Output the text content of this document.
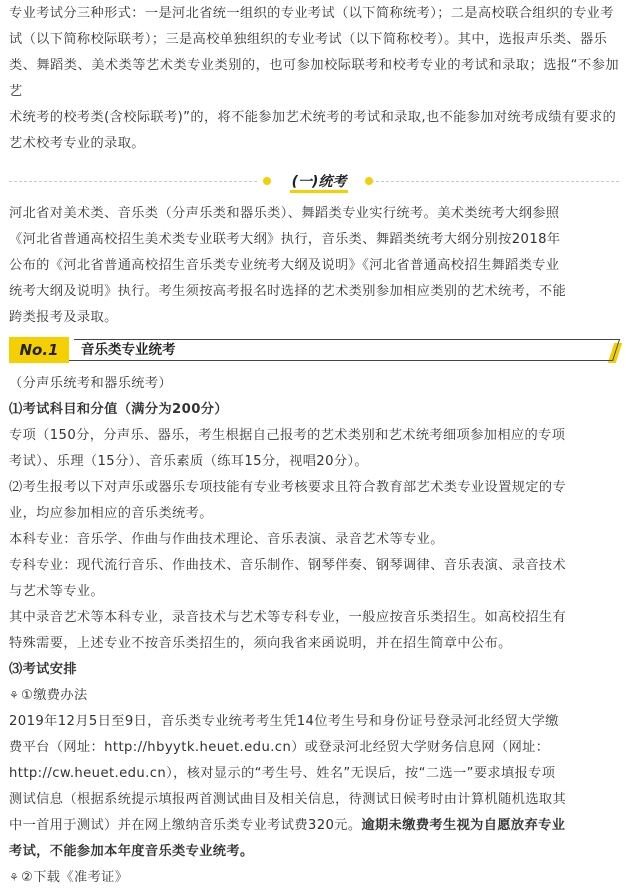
专业考试分三种形式：一是河北省统一组织的专业考试（以下简称统考）；二是高校联合组织的专业考
试（以下简称校际联考）；三是高校单独组织的专业考试（以下简称校考）。其中，选报声乐类、器乐
类、舞蹈类、美术类等艺术类专业类别的，也可参加校际联考和校考专业的考试和录取；选报“不参加艺
术统考的校考类(含校际联考)”的，将不能参加艺术统考的考试和录取,也不能参加对统考成绩有要求的
艺术校考专业的录取。

(一)统考

河北省对美术类、音乐类（分声乐类和器乐类）、舞蹈类专业实行统考。美术类统考大纲参照
《河北省普通高校招生美术类专业联考大纲》执行，音乐类、舞蹈类统考大纲分别按2018年
公布的《河北省普通高校招生音乐类专业统考大纲及说明》《河北省普通高校招生舞蹈类专业
统考大纲及说明》执行。考生须按高考报名时选择的艺术类别参加相应类别的艺术统考，不能
跨类报考及录取。

No.1	音乐类专业统考

（分声乐统考和器乐统考）

⑴考试科目和分值（满分为200分）

专项（150分，分声乐、器乐，考生根据自己报考的艺术类别和艺术统考细项参加相应的专项
考试）、乐理（15分）、音乐素质（练耳15分，视唱20分）。

⑵考生报考以下对声乐或器乐专项技能有专业考核要求且符合教育部艺术类专业设置规定的专
业，均应参加相应的音乐类统考。

本科专业：音乐学、作曲与作曲技术理论、音乐表演、录音艺术等专业。

专科专业：现代流行音乐、作曲技术、音乐制作、钢琴伴奏、钢琴调律、音乐表演、录音技术
与艺术等专业。

其中录音艺术等本科专业，录音技术与艺术等专科专业，一般应按音乐类招生。如高校招生有
特殊需要，上述专业不按音乐类招生的，须向我省来函说明，并在招生简章中公布。

⑶考试安排

⚘ ①缴费办法

2019年12月5日至9日，音乐类专业统考考生凭14位考生号和身份证号登录河北经贸大学缴
费平台（网址：http://hbyytk.heuet.edu.cn）或登录河北经贸大学财务信息网（网址：
http://cw.heuet.edu.cn），核对显示的“考生号、姓名”无误后，按“二选一”要求填报专项
测试信息（根据系统提示填报两首测试曲目及相关信息，待测试日候考时由计算机随机选取其
中一首用于测试）并在网上缴纳音乐类专业考试费320元。逾期未缴费考生视为自愿放弃专业
考试，不能参加本年度音乐类专业统考。

⚘ ②下载《准考证》
